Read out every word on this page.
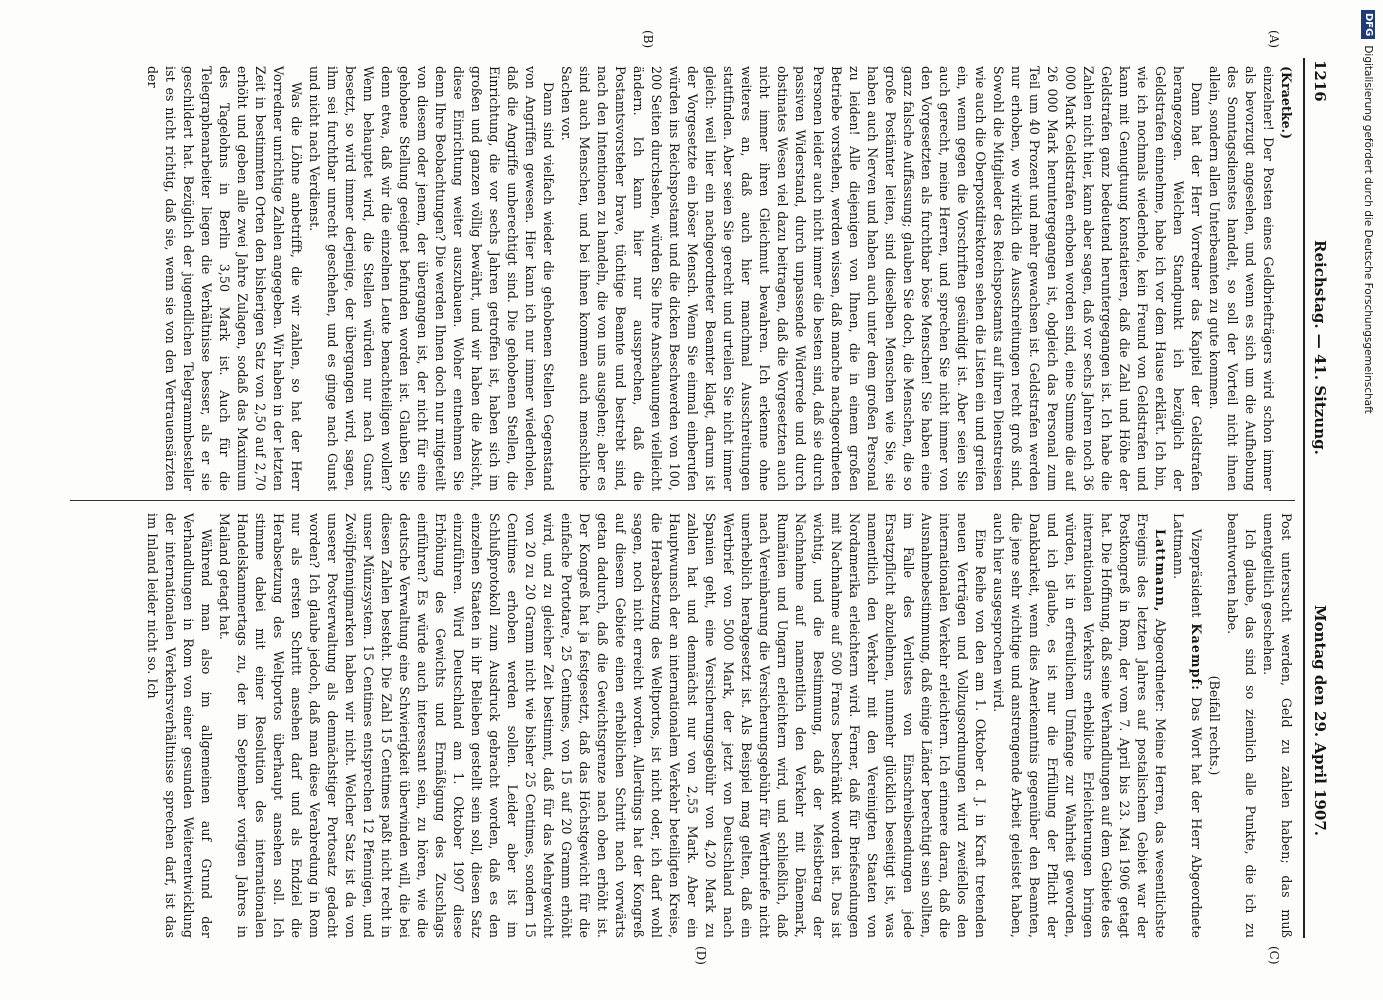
1216
Reichstag. — 41. Sitzung.
Montag den 29. April 1907.
(A)
(B)
(C)
(D)

(Kraetke.)

einzelner! Der Posten eines Geldbriefträgers wird schon immer als bevorzugt angesehen, und wenn es sich um die Aufhebung des Sonntagsdienstes handelt, so soll der Vorteil nicht ihnen allein, sondern allen Unterbeamten zu gute kommen.

Dann hat der Herr Vorredner das Kapitel der Geldstrafen herangezogen. Welchen Standpunkt ich bezüglich der Geldstrafen einnehme, habe ich vor dem Hause erklärt. Ich bin, wie ich nochmals wiederhole, kein Freund von Geldstrafen und kann mit Genugtuung konstatieren, daß die Zahl und Höhe der Geldstrafen ganz bedeutend heruntergegangen ist. Ich habe die Zahlen nicht hier, kann aber sagen, daß vor sechs Jahren noch 36 000 Mark Geldstrafen erhoben worden sind, eine Summe die auf 26 000 Mark heruntergegangen ist, obgleich das Personal zum Teil um 40 Prozent und mehr gewachsen ist. Geldstrafen werden nur erhoben, wo wirklich die Ausschreitungen recht groß sind. Sowohl die Mitglieder des Reichspostamts auf ihren Dienstreisen wie auch die Oberpostdirektoren sehen die Listen ein und greifen ein, wenn gegen die Vorschriften gesündigt ist. Aber seien Sie auch gerecht, meine Herren, und sprechen Sie nicht immer von den Vorgesetzten als furchtbar böse Menschen! Sie haben eine ganz falsche Auffassung; glauben Sie doch, die Menschen, die so große Postämter leiten, sind dieselben Menschen wie Sie, sie haben auch Nerven und haben auch unter dem großen Personal zu leiden! Alle diejenigen von Ihnen, die in einem großen Betriebe vorstehen, werden wissen, daß manche nachgeordneten Personen leider auch nicht immer die besten sind, daß sie durch passiven Widerstand, durch unpassende Widerrede und durch obstinates Wesen viel dazu beitragen, daß die Vorgesetzten auch nicht immer ihren Gleichmut bewahren. Ich erkenne ohne weiteres an, daß auch hier manchmal Ausschreitungen stattfinden. Aber seien Sie gerecht und urteilen Sie nicht immer gleich: weil hier ein nachgeordneter Beamter klagt, darum ist der Vorgesetzte ein böser Mensch. Wenn Sie einmal einberufen würden ins Reichspostamt und die dicken Beschwerden von 100, 200 Seiten durchsehen, würden Sie Ihre Anschauungen vielleicht ändern. Ich kann hier nur aussprechen, daß die Postamtsvorsteher brave, tüchtige Beamte und bestrebt sind, nach den Intentionen zu handeln, die von uns ausgehen; aber es sind auch Menschen, und bei ihnen kommen auch menschliche Sachen vor.

Dann sind vielfach wieder die gehobenen Stellen Gegenstand von Angriffen gewesen. Hier kann ich nur immer wiederholen, daß die Angriffe unberechtigt sind. Die gehobenen Stellen, die Einrichtung, die vor sechs Jahren getroffen ist, haben sich im großen und ganzen völlig bewährt, und wir haben die Absicht, diese Einrichtung weiter auszubauen. Woher entnehmen Sie denn Ihre Beobachtungen? Die werden Ihnen doch nur mitgeteilt von diesem oder jenem, der übergangen ist, der nicht für eine gehobene Stellung geeignet befunden worden ist. Glauben Sie denn etwa, daß wir die einzelnen Leute benachteiligen wollen? Wenn behauptet wird, die Stellen würden nur nach Gunst besetzt, so wird immer derjenige, der übergangen wird, sagen, ihm sei furchtbar unrecht geschehen, und es ginge nach Gunst und nicht nach Verdienst.

Was die Löhne anbetrifft, die wir zahlen, so hat der Herr Vorredner unrichtige Zahlen angegeben. Wir haben in der letzten Zeit in bestimmten Orten den bisherigen Satz von 2,50 auf 2,70 erhöht und geben alle zwei Jahre Zulagen, sodaß das Maximum des Tagelohns in Berlin 3,50 Mark ist. Auch für die Telegraphenarbeiter liegen die Verhältnisse besser, als er sie geschildert hat. Bezüglich der jugendlichen Telegrammbesteller ist es nicht richtig, daß sie, wenn sie von den Vertrauensärzten der

Post untersucht werden, Geld zu zahlen haben; das muß unentgeltlich geschehen.

Ich glaube, das sind so ziemlich alle Punkte, die ich zu beantworten habe.

(Beifall rechts.)

Vizepräsident Kaempf: Das Wort hat der Herr Abgeordnete Lattmann.

Lattmann, Abgeordneter: Meine Herren, das wesentlichste Ereignis des letzten Jahres auf postalischem Gebiet war der Postkongreß in Rom, der vom 7. April bis 23. Mai 1906 getagt hat. Die Hoffnung, daß seine Verhandlungen auf dem Gebiete des internationalen Verkehrs erhebliche Erleichterungen bringen würden, ist in erfreulichem Umfange zur Wahrheit geworden, und ich glaube, es ist nur die Erfüllung der Pflicht der Dankbarkeit, wenn dies Anerkenntnis gegenüber den Beamten, die jene sehr wichtige und anstrengende Arbeit geleistet haben, auch hier ausgesprochen wird.

Eine Reihe von den am 1. Oktober d. J. in Kraft tretenden neuen Verträgen und Vollzugsordnungen wird zweifellos den internationalen Verkehr erleichtern. Ich erinnere daran, daß die Ausnahmebestimmung, daß einige Länder berechtigt sein sollten, im Falle des Verlustes von Einschreibsendungen jede Ersatzpflicht abzulehnen, nunmehr glücklich beseitigt ist, was namentlich den Verkehr mit den Vereinigten Staaten von Nordamerika erleichtern wird. Ferner, daß für Briefsendungen mit Nachnahme auf 500 Francs beschränkt worden ist. Das ist wichtig, und die Bestimmung, daß der Meistbetrag der Nachnahme auf namentlich den Verkehr mit Dänemark, Rumänien und Ungarn erleichtern wird, und schließlich, daß nach Vereinbarung die Versicherungsgebühr für Wertbriefe nicht unerheblich herabgesetzt ist. Als Beispiel mag gelten, daß ein Wertbrief von 5000 Mark, der jetzt von Deutschland nach Spanien geht, eine Versicherungsgebühr von 4,20 Mark zu zahlen hat und demnächst nur von 2,55 Mark. Aber ein Hauptwunsch der an internationalem Verkehr beteiligten Kreise, die Herabsetzung des Weltportos, ist nicht oder, ich darf wohl sagen, noch nicht erreicht worden. Allerdings hat der Kongreß auf diesem Gebiete einen erheblichen Schritt nach vorwärts getan dadurch, daß die Gewichtsgrenze nach oben erhöht ist. Der Kongreß hat ja festgesetzt, daß das Höchstgewicht für die einfache Portotare, 25 Centimes, von 15 auf 20 Gramm erhöht wird, und zu gleicher Zeit bestimmt, daß für das Mehrgewicht von 20 zu 20 Gramm nicht wie bisher 25 Centimes, sondern 15 Centimes erhoben werden sollen. Leider aber ist im Schlußprotokoll zum Ausdruck gebracht worden, daß es den einzelnen Staaten in ihr Belieben gestellt sein soll, diesen Satz einzuführen. Wird Deutschland am 1. Oktober 1907 diese Erhöhung des Gewichts und Ermäßigung des Zuschlags einführen? Es würde auch interessant sein, zu hören, wie die deutsche Verwaltung eine Schwierigkeit überwinden will, die bei diesen Zahlen besteht. Die Zahl 15 Centimes paßt nicht recht in unser Münzsystem. 15 Centimes entsprechen 12 Pfennigen, und Zwölfpfennigmarken haben wir nicht. Welcher Satz ist da von unserer Postverwaltung als demnächstiger Portosatz gedacht worden? Ich glaube jedoch, daß man diese Verabredung in Rom nur als ersten Schritt ansehen darf und als Endziel die Herabsetzung des Weltportos überhaupt ansehen soll. Ich stimme dabei mit einer Resolution des internationalen Handelskammertags zu, der im September vorigen Jahres in Mailand getagt hat.

Während man also im allgemeinen auf Grund der Verhandlungen in Rom von einer gesunden Weiterentwicklung der internationalen Verkehrsverhältnisse sprechen darf, ist das im Inland leider nicht so. Ich

DFG
Digitalisierung gefördert durch die Deutsche Forschungsgemeinschaft
